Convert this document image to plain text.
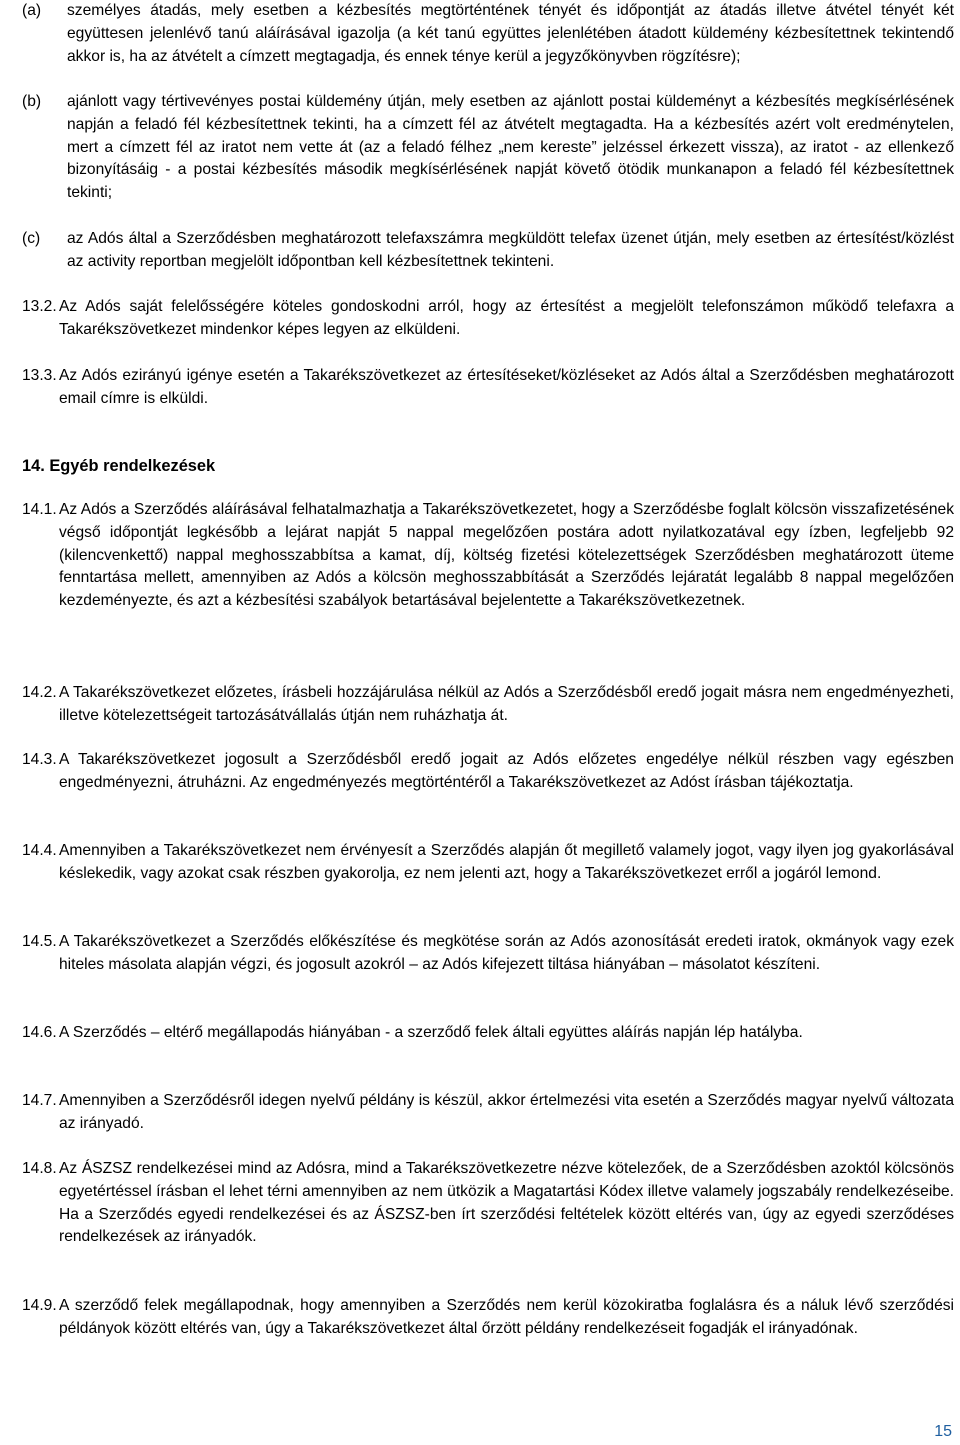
(a)	személyes átadás, mely esetben a kézbesítés megtörténtének tényét és időpontját az átadás illetve átvétel tényét két együttesen jelenlévő tanú aláírásával igazolja (a két tanú együttes jelenlétében átadott küldemény kézbesítettnek tekintendő akkor is, ha az átvételt a címzett megtagadja, és ennek ténye kerül a jegyzőkönyvben rögzítésre);
(b)	ajánlott vagy tértivevényes postai küldemény útján, mely esetben az ajánlott postai küldeményt a kézbesítés megkísérlésének napján a feladó fél kézbesítettnek tekinti, ha a címzett fél az átvételt megtagadta. Ha a kézbesítés azért volt eredménytelen, mert a címzett fél az iratot nem vette át (az a feladó félhez „nem kereste” jelzéssel érkezett vissza), az iratot - az ellenkező bizonyításáig - a postai kézbesítés második megkísérlésének napját követő ötödik munkanapon a feladó fél kézbesítettnek tekinti;
(c)	az Adós által a Szerződésben meghatározott telefaxszámra megküldött telefax üzenet útján, mely esetben az értesítést/közlést az activity reportban megjelölt időpontban kell kézbesítettnek tekinteni.
13.2. Az Adós saját felelősségére köteles gondoskodni arról, hogy az értesítést a megjelölt telefonszámon működő telefaxra a Takarékszövetkezet mindenkor képes legyen az elküldeni.
13.3. Az Adós ezirányú igénye esetén a Takarékszövetkezet az értesítéseket/közléseket az Adós által a Szerződésben meghatározott email címre is elküldi.
14. Egyéb rendelkezések
14.1. Az Adós a Szerződés aláírásával felhatalmazhatja a Takarékszövetkezetet, hogy a Szerződésbe foglalt kölcsön visszafizetésének végső időpontját legkésőbb a lejárat napját 5 nappal megelőzően postára adott nyilatkozatával egy ízben, legfeljebb 92 (kilencvenkettő) nappal meghosszabbítsa a kamat, díj, költség fizetési kötelezettségek Szerződésben meghatározott üteme fenntartása mellett, amennyiben az Adós a kölcsön meghosszabbítását a Szerződés lejáratát legalább 8 nappal megelőzően kezdeményezte, és azt a kézbesítési szabályok betartásával bejelentette a Takarékszövetkezetnek.
14.2. A Takarékszövetkezet előzetes, írásbeli hozzájárulása nélkül az Adós a Szerződésből eredő jogait másra nem engedményezheti, illetve kötelezettségeit tartozásátvállalás útján nem ruházhatja át.
14.3. A Takarékszövetkezet jogosult a Szerződésből eredő jogait az Adós előzetes engedélye nélkül részben vagy egészben engedményezni, átruházni. Az engedményezés megtörténtéről a Takarékszövetkezet az Adóst írásban tájékoztatja.
14.4. Amennyiben a Takarékszövetkezet nem érvényesít a Szerződés alapján őt megillető valamely jogot, vagy ilyen jog gyakorlásával késlekedik, vagy azokat csak részben gyakorolja, ez nem jelenti azt, hogy a Takarékszövetkezet erről a jogáról lemond.
14.5. A Takarékszövetkezet a Szerződés előkészítése és megkötése során az Adós azonosítását eredeti iratok, okmányok vagy ezek hiteles másolata alapján végzi, és jogosult azokról – az Adós kifejezett tiltása hiányában – másolatot készíteni.
14.6. A Szerződés – eltérő megállapodás hiányában - a szerződő felek általi együttes aláírás napján lép hatályba.
14.7. Amennyiben a Szerződésről idegen nyelvű példány is készül, akkor értelmezési vita esetén a Szerződés magyar nyelvű változata az irányadó.
14.8. Az ÁSZSZ rendelkezései mind az Adósra, mind a Takarékszövetkezetre nézve kötelezőek, de a Szerződésben azoktól kölcsönös egyetértéssel írásban el lehet térni amennyiben az nem ütközik a Magatartási Kódex illetve valamely jogszabály rendelkezéseibe. Ha a Szerződés egyedi rendelkezései és az ÁSZSZ-ben írt szerződési feltételek között eltérés van, úgy az egyedi szerződéses rendelkezések az irányadók.
14.9. A szerződő felek megállapodnak, hogy amennyiben a Szerződés nem kerül közokiratba foglalásra és a náluk lévő szerződési példányok között eltérés van, úgy a Takarékszövetkezet által őrzött példány rendelkezéseit fogadják el irányadónak.
15
